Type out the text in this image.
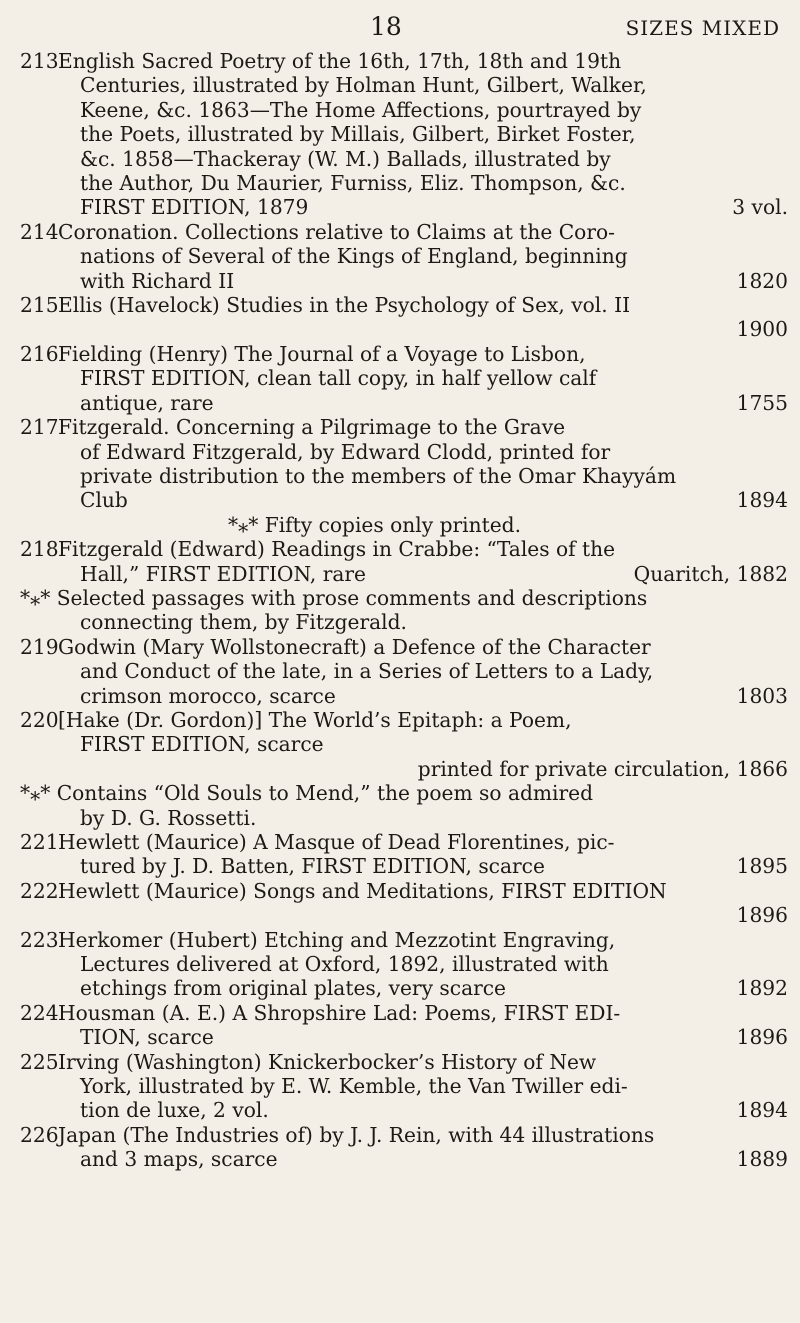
18	SIZES MIXED
213 English Sacred Poetry of the 16th, 17th, 18th and 19th
Centuries, illustrated by Holman Hunt, Gilbert, Walker,
Keene, &c. 1863—The Home Affections, pourtrayed by
the Poets, illustrated by Millais, Gilbert, Birket Foster,
&c. 1858—Thackeray (W. M.) Ballads, illustrated by
the Author, Du Maurier, Furniss, Eliz. Thompson, &c.
FIRST EDITION, 1879	3 vol.
214 Coronation. Collections relative to Claims at the Coro-
nations of Several of the Kings of England, beginning
with Richard II	1820
215 Ellis (Havelock) Studies in the Psychology of Sex, vol. II
1900

216 Fielding (Henry) The Journal of a Voyage to Lisbon,
FIRST EDITION, clean tall copy, in half yellow calf
antique, rare	1755
217 Fitzgerald. Concerning a Pilgrimage to the Grave
of Edward Fitzgerald, by Edward Clodd, printed for
private distribution to the members of the Omar Khayyám
Club	1894
*⁎* Fifty copies only printed.
218 Fitzgerald (Edward) Readings in Crabbe: “Tales of the
Hall,” FIRST EDITION, rare	Quaritch, 1882
*⁎* Selected passages with prose comments and descriptions
connecting them, by Fitzgerald.
219 Godwin (Mary Wollstonecraft) a Defence of the Character
and Conduct of the late, in a Series of Letters to a Lady,
crimson morocco, scarce	1803
220 [Hake (Dr. Gordon)] The World’s Epitaph: a Poem,
FIRST EDITION, scarce
printed for private circulation, 1866

*⁎* Contains “Old Souls to Mend,” the poem so admired
by D. G. Rossetti.
221 Hewlett (Maurice) A Masque of Dead Florentines, pic-
tured by J. D. Batten, FIRST EDITION, scarce	1895
222 Hewlett (Maurice) Songs and Meditations, FIRST EDITION
1896

223 Herkomer (Hubert) Etching and Mezzotint Engraving,
Lectures delivered at Oxford, 1892, illustrated with
etchings from original plates, very scarce	1892
224 Housman (A. E.) A Shropshire Lad: Poems, FIRST EDI-
TION, scarce	1896
225 Irving (Washington) Knickerbocker’s History of New
York, illustrated by E. W. Kemble, the Van Twiller edi-
tion de luxe, 2 vol.	1894
226 Japan (The Industries of) by J. J. Rein, with 44 illustrations
and 3 maps, scarce	1889
